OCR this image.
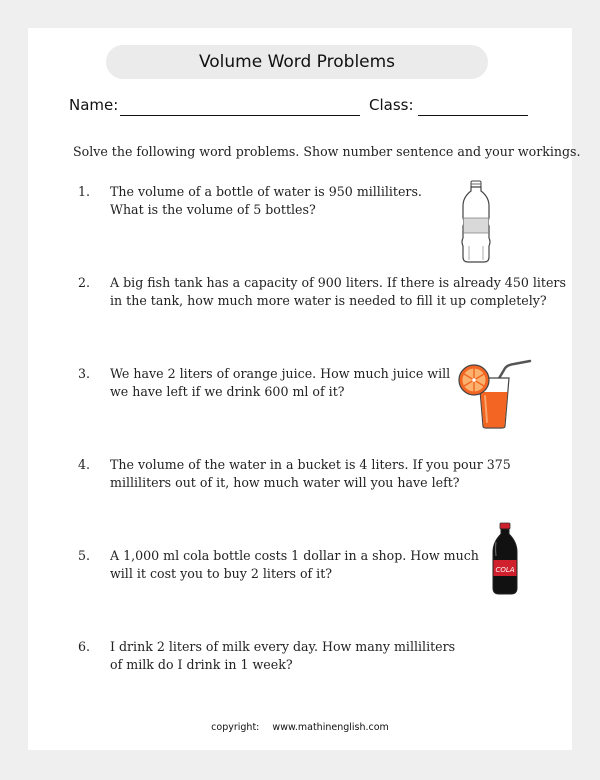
Volume Word Problems
Name:	Class:
Solve the following word problems. Show number sentence and your workings.
1. The volume of a bottle of water is 950 milliliters.
What is the volume of 5 bottles?
2. A big fish tank has a capacity of 900 liters. If there is already 450 liters
in the tank, how much more water is needed to fill it up completely?
3. We have 2 liters of orange juice. How much juice will
we have left if we drink 600 ml of it?
4. The volume of the water in a bucket is 4 liters. If you pour 375
milliliters out of it, how much water will you have left?
5. A 1,000 ml cola bottle costs 1 dollar in a shop. How much
will it cost you to buy 2 liters of it?
6. I drink 2 liters of milk every day. How many milliliters
of milk do I drink in 1 week?
COLA
copyright: www.mathinenglish.com
